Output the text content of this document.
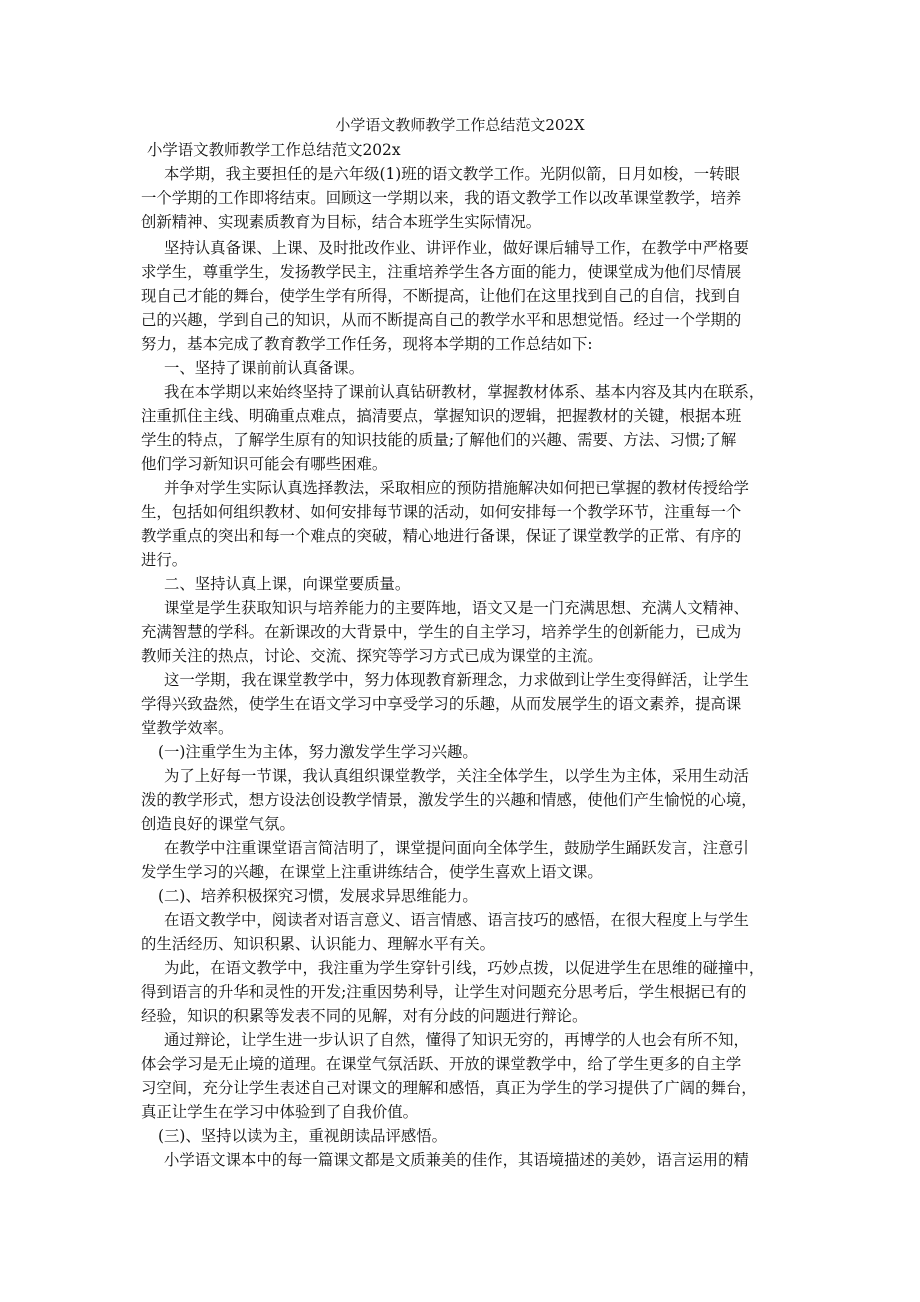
小学语文教师教学工作总结范文202X
小学语文教师教学工作总结范文202x
本学期，我主要担任的是六年级(1)班的语文教学工作。光阴似箭，日月如梭，一转眼
一个学期的工作即将结束。回顾这一学期以来，我的语文教学工作以改革课堂教学，培养
创新精神、实现素质教育为目标，结合本班学生实际情况。
坚持认真备课、上课、及时批改作业、讲评作业，做好课后辅导工作，在教学中严格要
求学生，尊重学生，发扬教学民主，注重培养学生各方面的能力，使课堂成为他们尽情展
现自己才能的舞台，使学生学有所得，不断提高，让他们在这里找到自己的自信，找到自
己的兴趣，学到自己的知识，从而不断提高自己的教学水平和思想觉悟。经过一个学期的
努力，基本完成了教育教学工作任务，现将本学期的工作总结如下:
一、坚持了课前前认真备课。
我在本学期以来始终坚持了课前认真钻研教材，掌握教材体系、基本内容及其内在联系，
注重抓住主线、明确重点难点，搞清要点，掌握知识的逻辑，把握教材的关键，根据本班
学生的特点，了解学生原有的知识技能的质量;了解他们的兴趣、需要、方法、习惯;了解
他们学习新知识可能会有哪些困难。
并争对学生实际认真选择教法，采取相应的预防措施解决如何把已掌握的教材传授给学
生，包括如何组织教材、如何安排每节课的活动，如何安排每一个教学环节，注重每一个
教学重点的突出和每一个难点的突破，精心地进行备课，保证了课堂教学的正常、有序的
进行。
二、坚持认真上课，向课堂要质量。
课堂是学生获取知识与培养能力的主要阵地，语文又是一门充满思想、充满人文精神、
充满智慧的学科。在新课改的大背景中，学生的自主学习，培养学生的创新能力，已成为
教师关注的热点，讨论、交流、探究等学习方式已成为课堂的主流。
这一学期，我在课堂教学中，努力体现教育新理念，力求做到让学生变得鲜活，让学生
学得兴致盎然，使学生在语文学习中享受学习的乐趣，从而发展学生的语文素养，提高课
堂教学效率。
(一)注重学生为主体，努力激发学生学习兴趣。
为了上好每一节课，我认真组织课堂教学，关注全体学生，以学生为主体，采用生动活
泼的教学形式，想方设法创设教学情景，激发学生的兴趣和情感，使他们产生愉悦的心境，
创造良好的课堂气氛。
在教学中注重课堂语言简洁明了，课堂提问面向全体学生，鼓励学生踊跃发言，注意引
发学生学习的兴趣，在课堂上注重讲练结合，使学生喜欢上语文课。
(二)、培养积极探究习惯，发展求异思维能力。
在语文教学中，阅读者对语言意义、语言情感、语言技巧的感悟，在很大程度上与学生
的生活经历、知识积累、认识能力、理解水平有关。
为此，在语文教学中，我注重为学生穿针引线，巧妙点拨，以促进学生在思维的碰撞中，
得到语言的升华和灵性的开发;注重因势利导，让学生对问题充分思考后，学生根据已有的
经验，知识的积累等发表不同的见解，对有分歧的问题进行辩论。
通过辩论，让学生进一步认识了自然，懂得了知识无穷的，再博学的人也会有所不知，
体会学习是无止境的道理。在课堂气氛活跃、开放的课堂教学中，给了学生更多的自主学
习空间，充分让学生表述自己对课文的理解和感悟，真正为学生的学习提供了广阔的舞台，
真正让学生在学习中体验到了自我价值。
(三)、坚持以读为主，重视朗读品评感悟。
小学语文课本中的每一篇课文都是文质兼美的佳作，其语境描述的美妙，语言运用的精
